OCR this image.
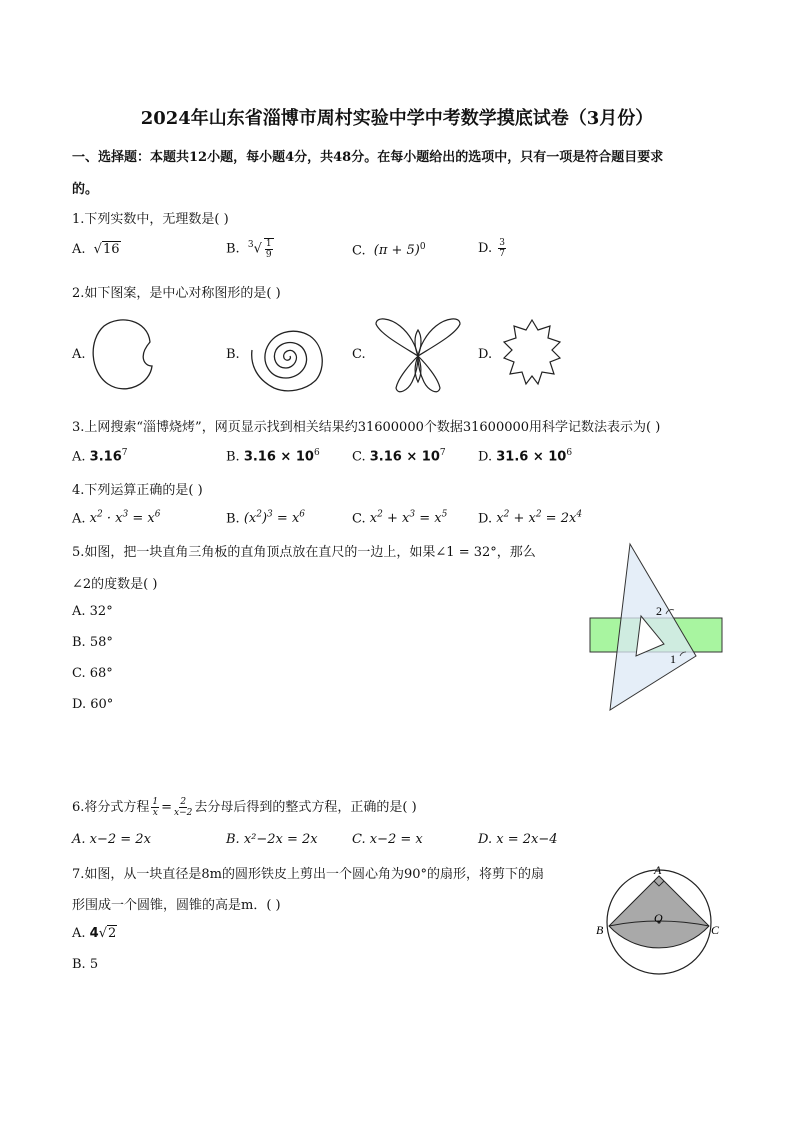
2024年山东省淄博市周村实验中学中考数学摸底试卷（3月份）
一、选择题：本题共12小题，每小题4分，共48分。在每小题给出的选项中，只有一项是符合题目要求
的。
1.下列实数中，无理数是( )
A. √16	B. $^3√ \frac{1}{9}$	C. $(\pi + 5)^0$	D. $\frac{3}{7}$
2.如下图案，是中心对称图形的是( )
A.	B.	C.	D.
3.上网搜索“淄博烧烤”，网页显示找到相关结果约31600000个数据31600000用科学记数法表示为( )
A. 3.16$^7$	B. $3.16 \times 10^6$ C. $3.16 \times 10^7$ D. $31.6 \times 10^6$
4.下列运算正确的是( )
A. $x^2 \cdot x^3 = x^6$	B. $(x^2)^3 = x^6$	C. $x^2 + x^3 = x^5$ D. $x^2 + x^2 = 2x^4$
5.如图，把一块直角三角板的直角顶点放在直尺的一边上，如果∠1 = 32°，那么
∠2的度数是( )
A. 32°
B. 58°
C. 68°
D. 60°
2
1
6.将分式方程 $\frac{1}{x} = \frac{2}{x-2}$ 去分母后得到的整式方程，正确的是( )
A. x−2 = 2x	B. x²−2x = 2x	C. x−2 = x	D. x = 2x−4
7.如图，从一块直径是8m的圆形铁皮上剪出一个圆心角为90°的扇形，将剪下的扇
形围成一个圆锥，圆锥的高是m．( )
A. 4√2
B. 5
A
B	C
O
